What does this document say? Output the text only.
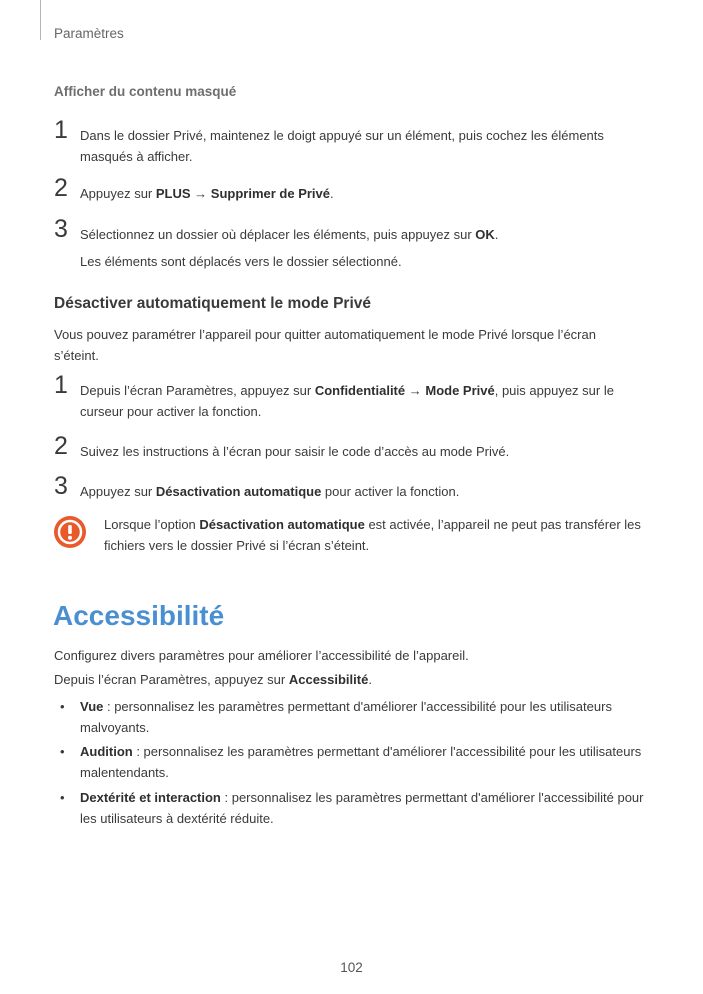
Paramètres
Afficher du contenu masqué
1 Dans le dossier Privé, maintenez le doigt appuyé sur un élément, puis cochez les éléments masqués à afficher.
2 Appuyez sur PLUS → Supprimer de Privé.
3 Sélectionnez un dossier où déplacer les éléments, puis appuyez sur OK.
Les éléments sont déplacés vers le dossier sélectionné.
Désactiver automatiquement le mode Privé
Vous pouvez paramétrer l’appareil pour quitter automatiquement le mode Privé lorsque l’écran s’éteint.
1 Depuis l’écran Paramètres, appuyez sur Confidentialité → Mode Privé, puis appuyez sur le curseur pour activer la fonction.
2 Suivez les instructions à l’écran pour saisir le code d’accès au mode Privé.
3 Appuyez sur Désactivation automatique pour activer la fonction.
Lorsque l’option Désactivation automatique est activée, l’appareil ne peut pas transférer les fichiers vers le dossier Privé si l’écran s’éteint.
Accessibilité
Configurez divers paramètres pour améliorer l’accessibilité de l’appareil.
Depuis l’écran Paramètres, appuyez sur Accessibilité.
• Vue : personnalisez les paramètres permettant d'améliorer l'accessibilité pour les utilisateurs malvoyants.
• Audition : personnalisez les paramètres permettant d'améliorer l'accessibilité pour les utilisateurs malentendants.
• Dextérité et interaction : personnalisez les paramètres permettant d'améliorer l'accessibilité pour les utilisateurs à dextérité réduite.
102
